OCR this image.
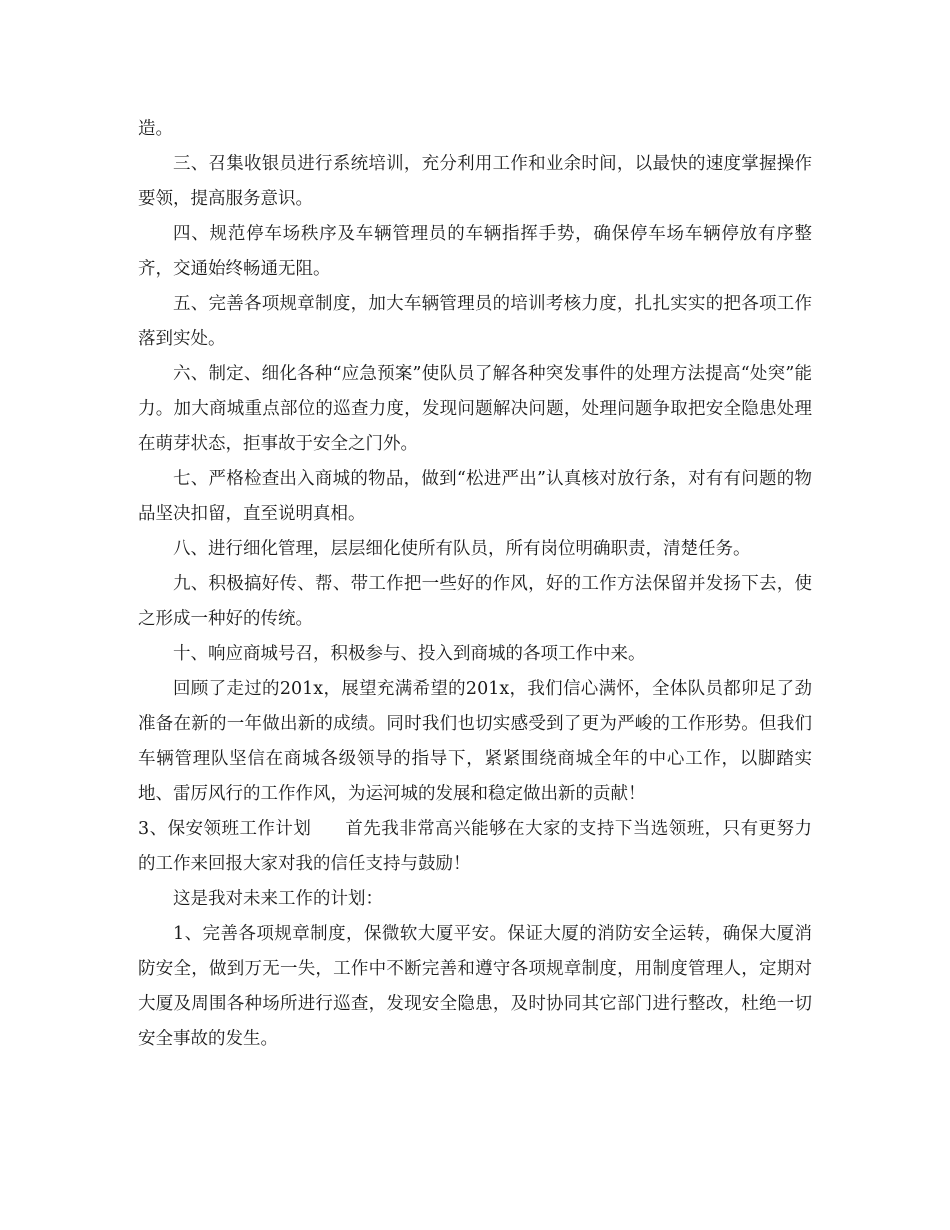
造。

三、召集收银员进行系统培训，充分利用工作和业余时间，以最快的速度掌握操作要领，提高服务意识。

四、规范停车场秩序及车辆管理员的车辆指挥手势，确保停车场车辆停放有序整齐，交通始终畅通无阻。

五、完善各项规章制度，加大车辆管理员的培训考核力度，扎扎实实的把各项工作落到实处。

六、制定、细化各种“应急预案”使队员了解各种突发事件的处理方法提高“处突”能力。加大商城重点部位的巡查力度，发现问题解决问题，处理问题争取把安全隐患处理在萌芽状态，拒事故于安全之门外。

七、严格检查出入商城的物品，做到“松进严出”认真核对放行条，对有有问题的物品坚决扣留，直至说明真相。

八、进行细化管理，层层细化使所有队员，所有岗位明确职责，清楚任务。

九、积极搞好传、帮、带工作把一些好的作风，好的工作方法保留并发扬下去，使之形成一种好的传统。

十、响应商城号召，积极参与、投入到商城的各项工作中来。

回顾了走过的201x，展望充满希望的201x，我们信心满怀，全体队员都卯足了劲准备在新的一年做出新的成绩。同时我们也切实感受到了更为严峻的工作形势。但我们车辆管理队坚信在商城各级领导的指导下，紧紧围绕商城全年的中心工作，以脚踏实地、雷厉风行的工作作风，为运河城的发展和稳定做出新的贡献！

3、保安领班工作计划 首先我非常高兴能够在大家的支持下当选领班，只有更努力的工作来回报大家对我的信任支持与鼓励！

这是我对未来工作的计划：

1、完善各项规章制度，保微软大厦平安。保证大厦的消防安全运转，确保大厦消防安全，做到万无一失，工作中不断完善和遵守各项规章制度，用制度管理人，定期对大厦及周围各种场所进行巡查，发现安全隐患，及时协同其它部门进行整改，杜绝一切安全事故的发生。
